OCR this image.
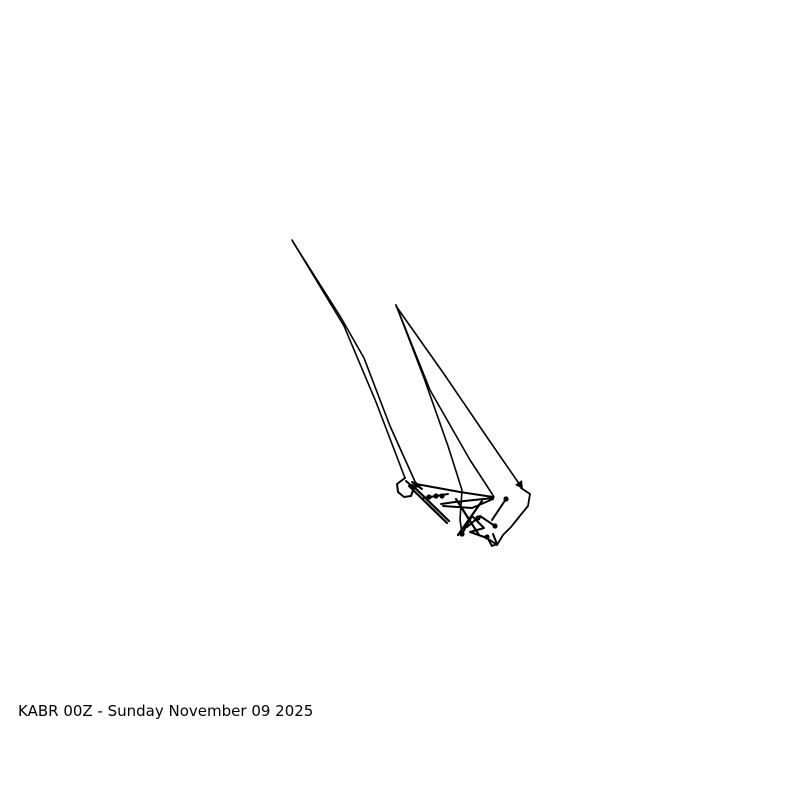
KABR 00Z - Sunday November 09 2025
